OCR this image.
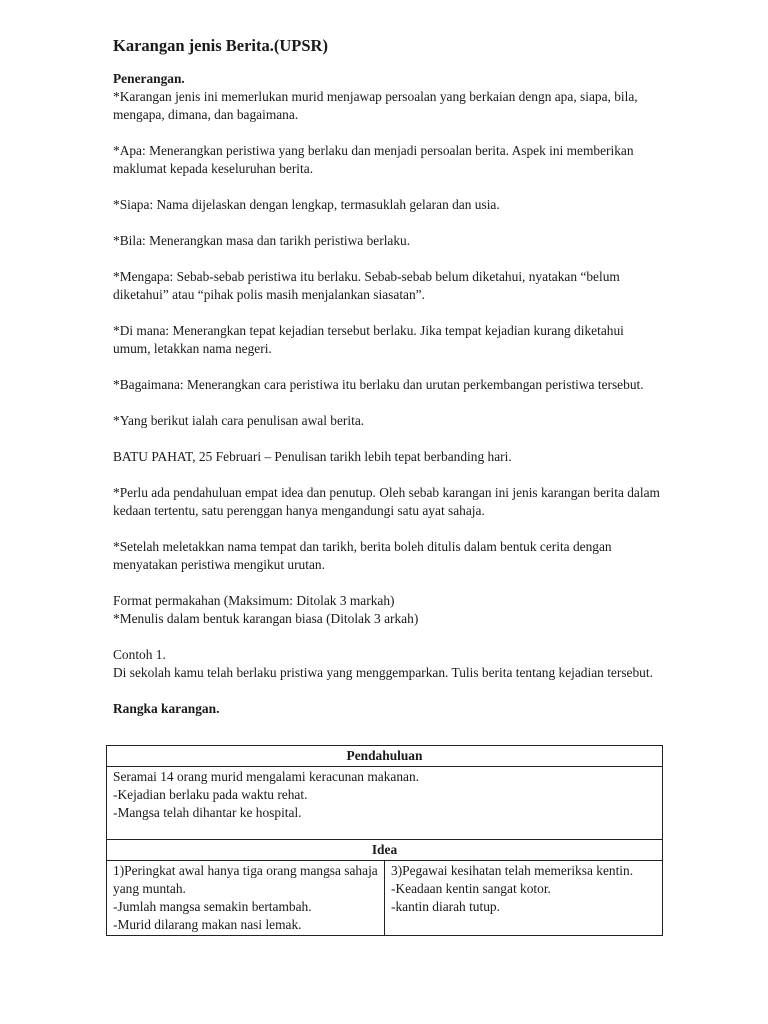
Karangan jenis Berita.(UPSR)
Penerangan.
*Karangan jenis ini memerlukan murid menjawap persoalan yang berkaian dengn apa, siapa, bila, mengapa, dimana, dan bagaimana.
*Apa: Menerangkan peristiwa yang berlaku dan menjadi persoalan berita. Aspek ini memberikan maklumat kepada keseluruhan berita.
*Siapa: Nama dijelaskan dengan lengkap, termasuklah gelaran dan usia.
*Bila: Menerangkan masa dan tarikh peristiwa berlaku.
*Mengapa: Sebab-sebab peristiwa itu berlaku. Sebab-sebab belum diketahui, nyatakan “belum diketahui” atau “pihak polis masih menjalankan siasatan”.
*Di mana: Menerangkan tepat kejadian tersebut berlaku. Jika tempat kejadian kurang diketahui umum, letakkan nama negeri.
*Bagaimana: Menerangkan cara peristiwa itu berlaku dan urutan perkembangan peristiwa tersebut.
*Yang berikut ialah cara penulisan awal berita.
BATU PAHAT, 25 Februari – Penulisan tarikh lebih tepat berbanding hari.
*Perlu ada pendahuluan empat idea dan penutup. Oleh sebab karangan ini jenis karangan berita dalam kedaan tertentu, satu perenggan hanya mengandungi satu ayat sahaja.
*Setelah meletakkan nama tempat dan tarikh, berita boleh ditulis dalam bentuk cerita dengan menyatakan peristiwa mengikut urutan.
Format permakahan (Maksimum: Ditolak 3 markah)
*Menulis dalam bentuk karangan biasa (Ditolak 3 arkah)
Contoh 1.
Di sekolah kamu telah berlaku pristiwa yang menggemparkan. Tulis berita tentang kejadian tersebut.
Rangka karangan.
Pendahuluan

Seramai 14 orang murid mengalami keracunan makanan.
-Kejadian berlaku pada waktu rehat.
-Mangsa telah dihantar ke hospital.

Idea

1)Peringkat awal hanya tiga orang mangsa sahaja yang muntah.
-Jumlah mangsa semakin bertambah.
-Murid dilarang makan nasi lemak.

3)Pegawai kesihatan telah memeriksa kentin.
-Keadaan kentin sangat kotor.
-kantin diarah tutup.
